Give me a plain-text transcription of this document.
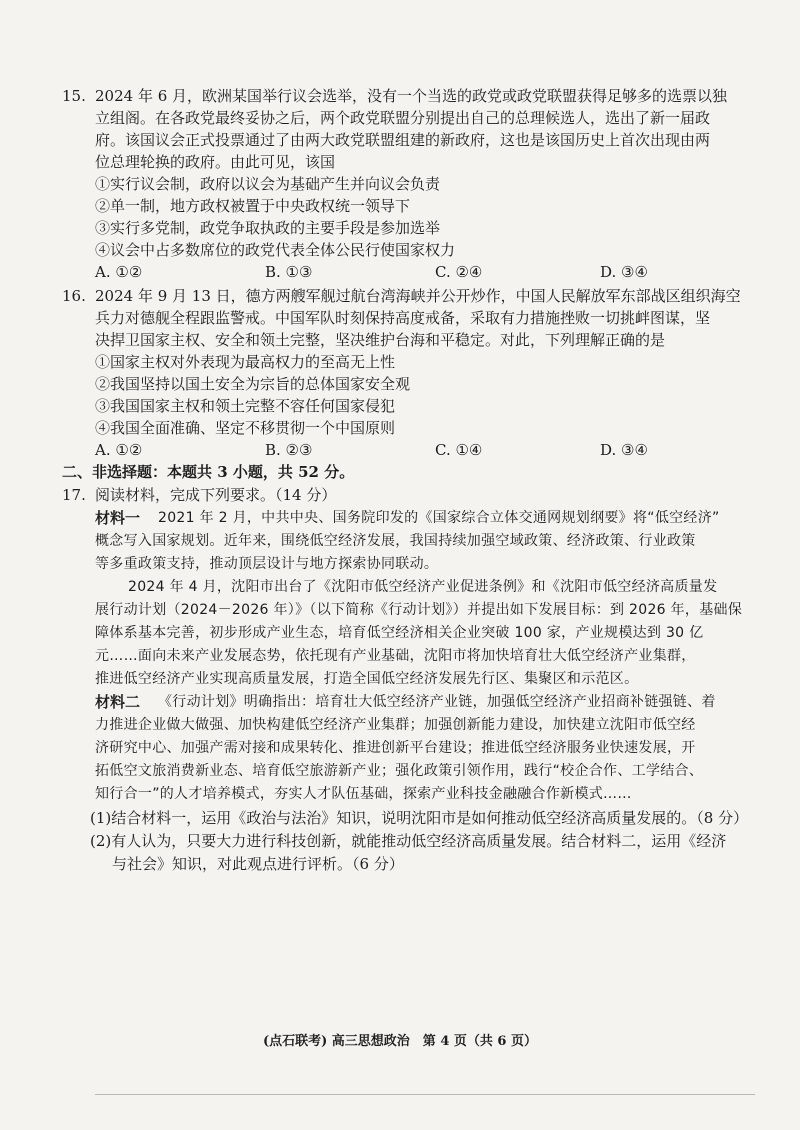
15. 2024 年 6 月，欧洲某国举行议会选举，没有一个当选的政党或政党联盟获得足够多的选票以独
立组阁。在各政党最终妥协之后，两个政党联盟分别提出自己的总理候选人，选出了新一届政
府。该国议会正式投票通过了由两大政党联盟组建的新政府，这也是该国历史上首次出现由两
位总理轮换的政府。由此可见，该国
①实行议会制，政府以议会为基础产生并向议会负责
②单一制，地方政权被置于中央政权统一领导下
③实行多党制，政党争取执政的主要手段是参加选举
④议会中占多数席位的政党代表全体公民行使国家权力
A. ①②	B. ①③	C. ②④	D. ③④
16. 2024 年 9 月 13 日，德方两艘军舰过航台湾海峡并公开炒作，中国人民解放军东部战区组织海空
兵力对德舰全程跟监警戒。中国军队时刻保持高度戒备，采取有力措施挫败一切挑衅图谋，坚
决捍卫国家主权、安全和领土完整，坚决维护台海和平稳定。对此，下列理解正确的是
①国家主权对外表现为最高权力的至高无上性
②我国坚持以国土安全为宗旨的总体国家安全观
③我国国家主权和领土完整不容任何国家侵犯
④我国全面准确、坚定不移贯彻一个中国原则
A. ①②	B. ②③	C. ①④	D. ③④
二、非选择题：本题共 3 小题，共 52 分。
17. 阅读材料，完成下列要求。（14 分）
材料一 2021 年 2 月，中共中央、国务院印发的《国家综合立体交通网规划纲要》将“低空经济”
概念写入国家规划。近年来，围绕低空经济发展，我国持续加强空域政策、经济政策、行业政策
等多重政策支持，推动顶层设计与地方探索协同联动。
2024 年 4 月，沈阳市出台了《沈阳市低空经济产业促进条例》和《沈阳市低空经济高质量发
展行动计划（2024－2026 年）》（以下简称《行动计划》）并提出如下发展目标：到 2026 年，基础保
障体系基本完善，初步形成产业生态，培育低空经济相关企业突破 100 家，产业规模达到 30 亿
元……面向未来产业发展态势，依托现有产业基础，沈阳市将加快培育壮大低空经济产业集群，
推进低空经济产业实现高质量发展，打造全国低空经济发展先行区、集聚区和示范区。
材料二 《行动计划》明确指出：培育壮大低空经济产业链，加强低空经济产业招商补链强链、着
力推进企业做大做强、加快构建低空经济产业集群；加强创新能力建设，加快建立沈阳市低空经
济研究中心、加强产需对接和成果转化、推进创新平台建设；推进低空经济服务业快速发展，开
拓低空文旅消费新业态、培育低空旅游新产业；强化政策引领作用，践行“校企合作、工学结合、
知行合一”的人才培养模式，夯实人才队伍基础，探索产业科技金融融合作新模式……
(1)结合材料一，运用《政治与法治》知识，说明沈阳市是如何推动低空经济高质量发展的。（8 分）
(2)有人认为，只要大力进行科技创新，就能推动低空经济高质量发展。结合材料二，运用《经济
与社会》知识，对此观点进行评析。（6 分）
(点石联考) 高三思想政治　第 4 页（共 6 页）
